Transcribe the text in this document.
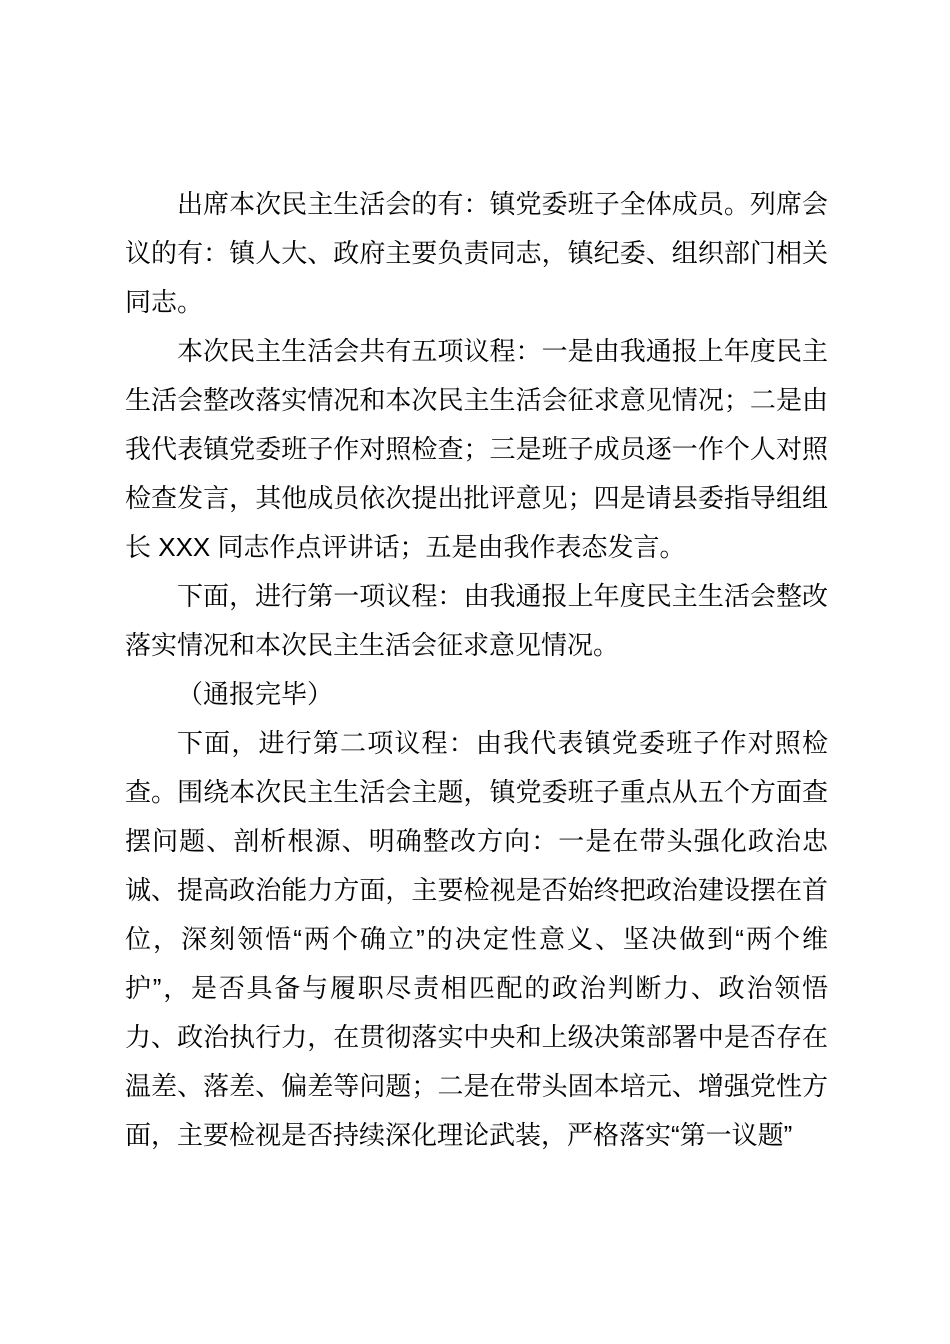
出席本次民主生活会的有：镇党委班子全体成员。列席会议的有：镇人大、政府主要负责同志，镇纪委、组织部门相关同志。

本次民主生活会共有五项议程：一是由我通报上年度民主生活会整改落实情况和本次民主生活会征求意见情况；二是由我代表镇党委班子作对照检查；三是班子成员逐一作个人对照检查发言，其他成员依次提出批评意见；四是请县委指导组组长 XXX 同志作点评讲话；五是由我作表态发言。

下面，进行第一项议程：由我通报上年度民主生活会整改落实情况和本次民主生活会征求意见情况。

（通报完毕）

下面，进行第二项议程：由我代表镇党委班子作对照检查。围绕本次民主生活会主题，镇党委班子重点从五个方面查摆问题、剖析根源、明确整改方向：一是在带头强化政治忠诚、提高政治能力方面，主要检视是否始终把政治建设摆在首位，深刻领悟“两个确立”的决定性意义、坚决做到“两个维护”，是否具备与履职尽责相匹配的政治判断力、政治领悟力、政治执行力，在贯彻落实中央和上级决策部署中是否存在温差、落差、偏差等问题；二是在带头固本培元、增强党性方面，主要检视是否持续深化理论武装，严格落实“第一议题”
